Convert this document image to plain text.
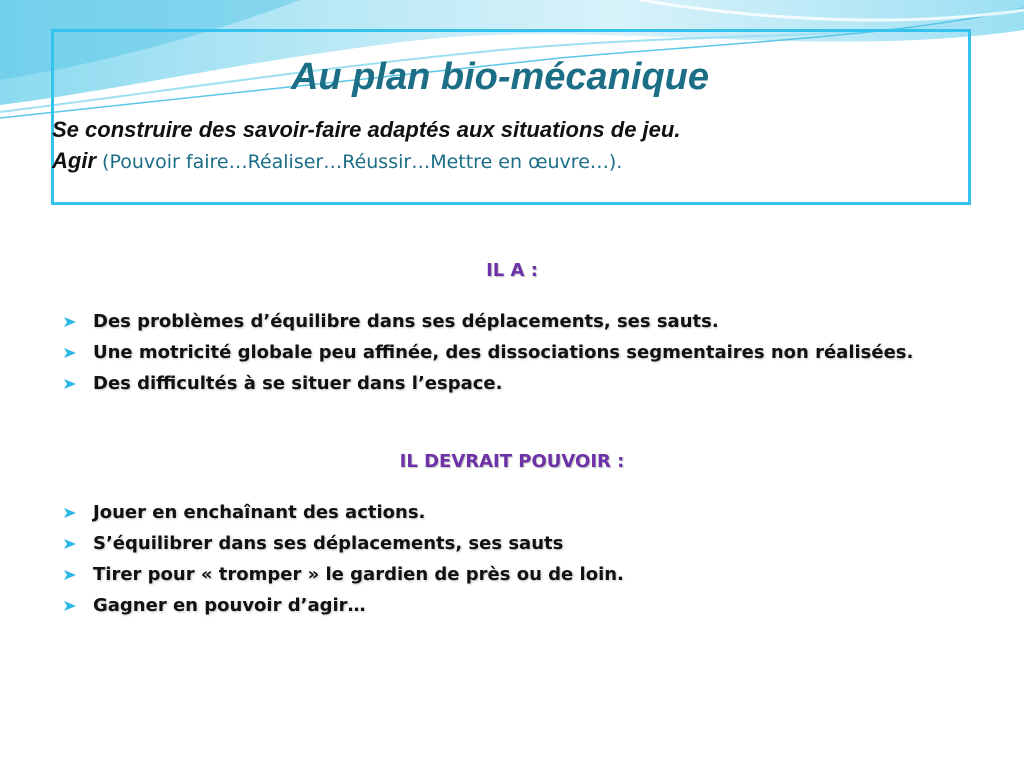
Au plan bio-mécanique

Se construire des savoir-faire adaptés aux situations de jeu.

Agir (Pouvoir faire…Réaliser…Réussir…Mettre en œuvre…).

IL A :

Des problèmes d’équilibre dans ses déplacements, ses sauts.
Une motricité globale peu affinée, des dissociations segmentaires non réalisées.
Des difficultés à se situer dans l’espace.

IL DEVRAIT POUVOIR :

Jouer en enchaînant des actions.
S’équilibrer dans ses déplacements, ses sauts
Tirer pour « tromper » le gardien de près ou de loin.
Gagner en pouvoir d’agir…
